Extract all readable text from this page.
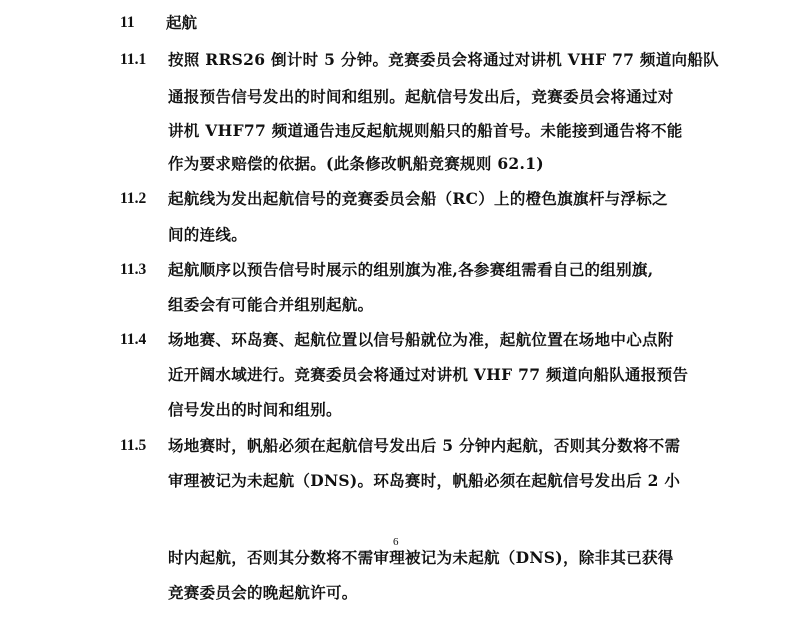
11 起航
11.1 按照 RRS26 倒计时 5 分钟。竞赛委员会将通过对讲机 VHF 77 频道向船队
通报预告信号发出的时间和组别。起航信号发出后，竞赛委员会将通过对
讲机 VHF77 频道通告违反起航规则船只的船首号。未能接到通告将不能
作为要求赔偿的依据。(此条修改帆船竞赛规则 62.1)
11.2 起航线为发出起航信号的竞赛委员会船（RC）上的橙色旗旗杆与浮标之
间的连线。
11.3 起航顺序以预告信号时展示的组别旗为准,各参赛组需看自己的组别旗,
组委会有可能合并组别起航。
11.4 场地赛、环岛赛、起航位置以信号船就位为准，起航位置在场地中心点附
近开阔水域进行。竞赛委员会将通过对讲机 VHF 77 频道向船队通报预告
信号发出的时间和组别。
11.5 场地赛时，帆船必须在起航信号发出后 5 分钟内起航，否则其分数将不需
审理被记为未起航（DNS)。环岛赛时，帆船必须在起航信号发出后 2 小
6
时内起航，否则其分数将不需审理被记为未起航（DNS)，除非其已获得
竞赛委员会的晚起航许可。
